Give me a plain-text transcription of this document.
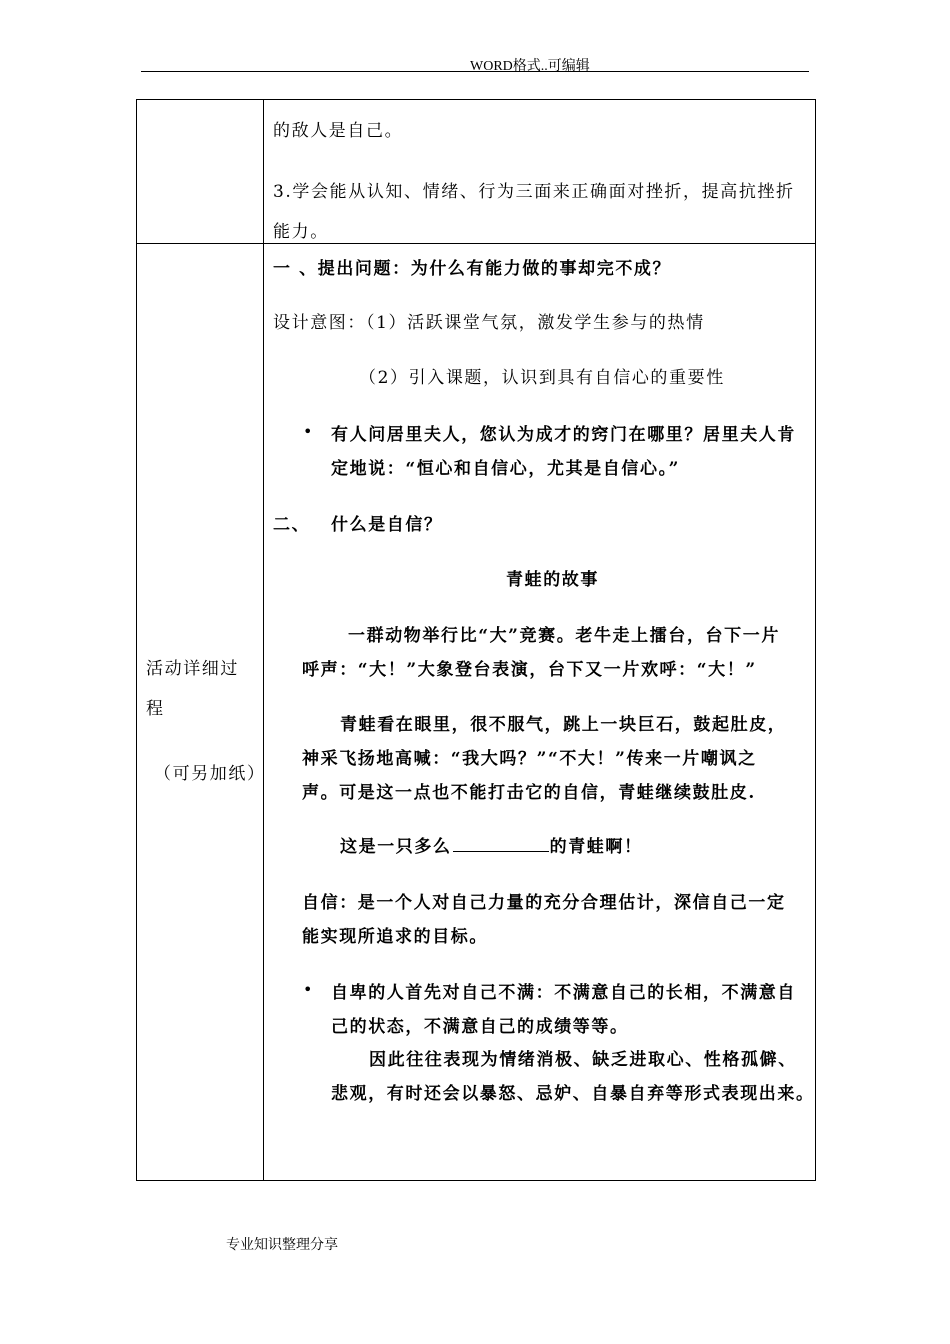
WORD格式..可编辑
的敌人是自己。
3.学会能从认知、情绪、行为三面来正确面对挫折，提高抗挫折
能力。
活动详细过
程
（可另加纸）
一 、提出问题：为什么有能力做的事却完不成？
设计意图：（1）活跃课堂气氛，激发学生参与的热情
（2）引入课题，认识到具有自信心的重要性
• 有人问居里夫人，您认为成才的窍门在哪里？居里夫人肯
定地说：“恒心和自信心，尤其是自信心。”
二、 什么是自信？
青蛙的故事
一群动物举行比“大”竞赛。老牛走上擂台，台下一片
呼声：“大！”大象登台表演，台下又一片欢呼：“大！”
青蛙看在眼里，很不服气，跳上一块巨石，鼓起肚皮，
神采飞扬地高喊：“我大吗？”“不大！”传来一片嘲讽之
声。可是这一点也不能打击它的自信，青蛙继续鼓肚皮.
这是一只多么	的青蛙啊！
自信：是一个人对自己力量的充分合理估计，深信自己一定
能实现所追求的目标。
• 自卑的人首先对自己不满：不满意自己的长相，不满意自
己的状态，不满意自己的成绩等等。
因此往往表现为情绪消极、缺乏进取心、性格孤僻、
悲观，有时还会以暴怒、忌妒、自暴自弃等形式表现出来。
专业知识整理分享
